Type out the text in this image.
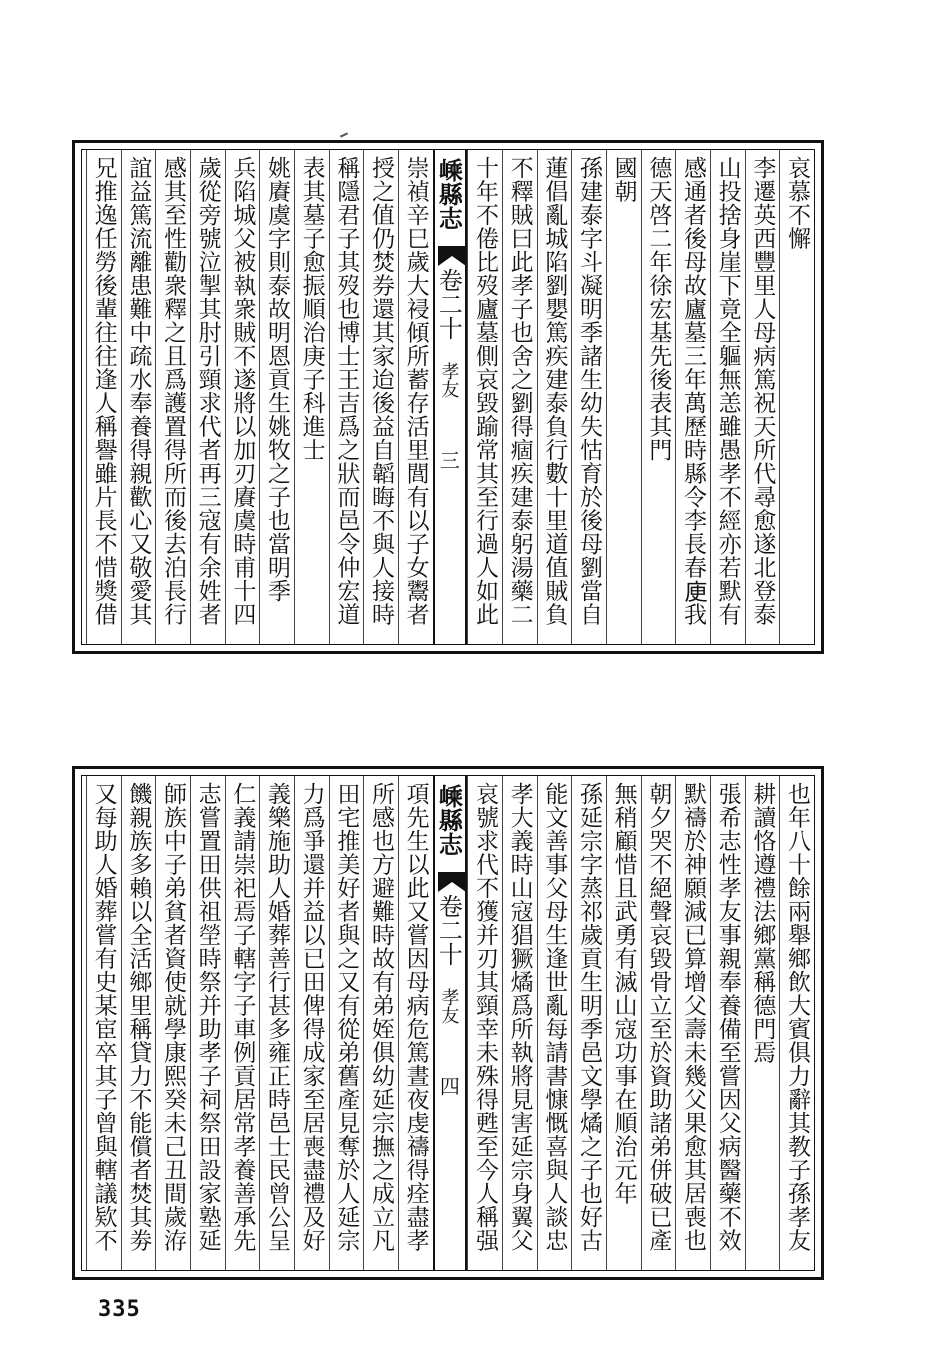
哀慕不懈
李遷英西豐里人母病篤祝天所代尋愈遂北登泰
山投捨身崖下竟全軀無恙雖愚孝不經亦若默有
感通者後母故廬墓三年萬歷時縣令李長春𢈔我
德天啓二年徐宏基先後表其門
國朝
孫建泰字斗凝明季諸生幼失怙育於後母劉當自
蓮倡亂城陷劉嬰篤疾建泰負行數十里道值賊負
不釋賊曰此孝子也舍之劉得痼疾建泰躬湯藥二
十年不倦比歿廬墓側哀毀踰常其至行過人如此
嵊縣志
卷二十
孝友
三
崇禎辛巳歲大祲傾所蓄存活里閭有以子女鬻者
授之值仍焚券還其家迨後益自韜晦不與人接時
稱隱君子其歿也博士王吉爲之狀而邑令仲宏道
表其墓子愈振順治庚子科進士
姚賡虞字則泰故明恩貢生姚牧之子也當明季
兵陷城父被執衆賊不遂將以加刃賡虞時甫十四
歲從旁號泣掣其肘引頸求代者再三寇有余姓者
感其至性勸衆釋之且爲護置得所而後去泊長行
誼益篤流離患難中疏水奉養得親歡心又敬愛其
兄推逸任勞後輩往往逢人稱譽雖片長不惜獎借
也年八十餘兩舉鄉飲大賓俱力辭其教子孫孝友
耕讀恪遵禮法鄉黨稱德門焉
張希志性孝友事親奉養備至嘗因父病醫藥不效
默禱於神願減已算增父壽未幾父果愈其居喪也
朝夕哭不絕聲哀毀骨立至於資助諸弟併破已產
無稍顧惜且武勇有滅山寇功事在順治元年
孫延宗字蒸祁歲貢生明季邑文學燏之子也好古
能文善事父母生逢世亂每請書慷慨喜與人談忠
孝大義時山寇猖獗燏爲所執將見害延宗身翼父
哀號求代不獲并刃其頸幸未殊得甦至今人稱强
嵊縣志
卷二十
孝友
四
項先生以此又嘗因母病危篤晝夜虔禱得痊盡孝
所感也方避難時故有弟姪俱幼延宗撫之成立凡
田宅推美好者與之又有從弟舊產見奪於人延宗
力爲爭還并益以已田俾得成家至居喪盡禮及好
義樂施助人婚葬善行甚多雍正時邑士民曾公呈
仁義請崇祀焉子轄字子車例貢居常孝養善承先
志嘗置田供祖塋時祭并助孝子祠祭田設家塾延
師族中子弟貧者資使就學康熙癸未己丑間歲洊
饑親族多賴以全活鄉里稱貸力不能償者焚其劵
又每助人婚葬嘗有史某宦卒其子曾與轄議欵不
335
